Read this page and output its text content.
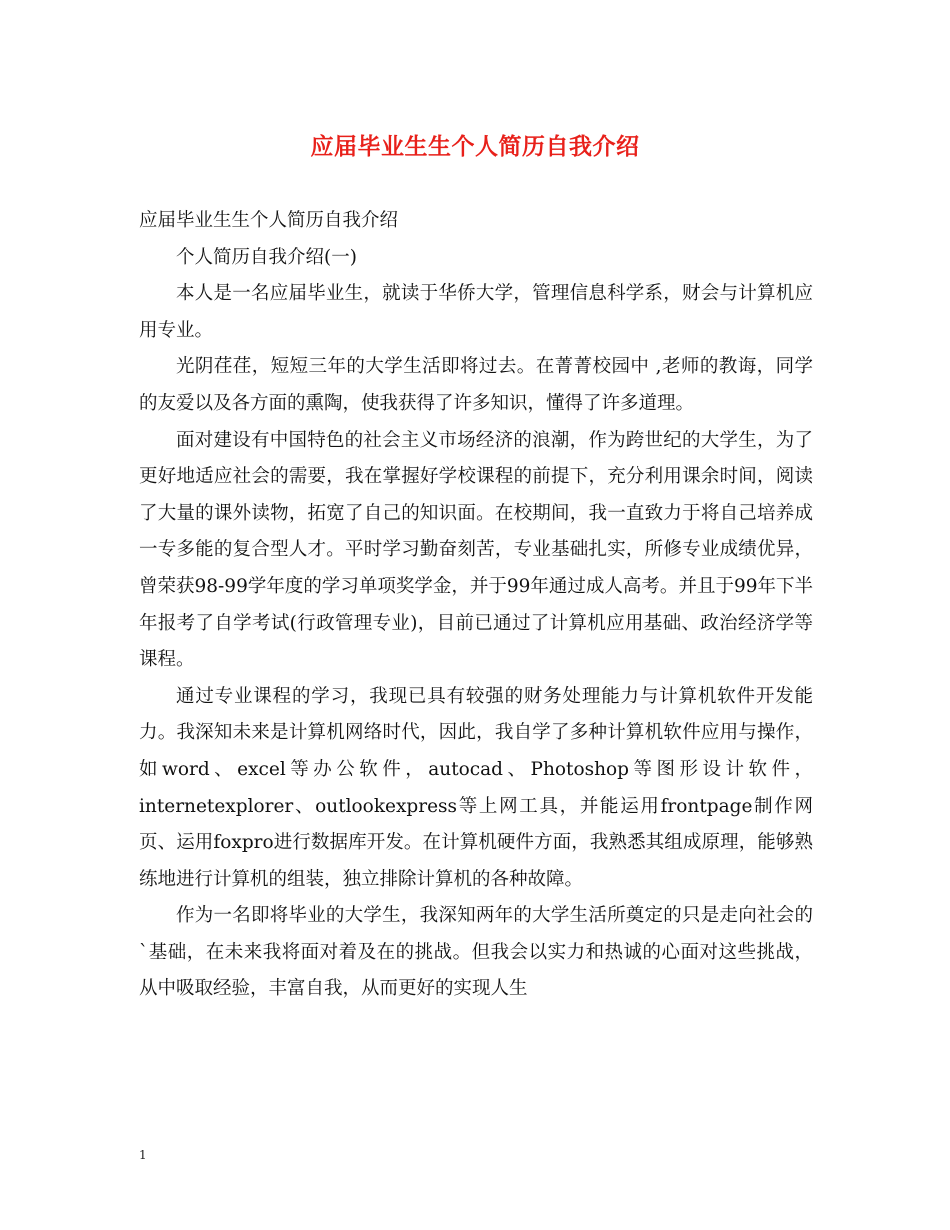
应届毕业生生个人简历自我介绍

应届毕业生生个人简历自我介绍

个人简历自我介绍(一)

本人是一名应届毕业生，就读于华侨大学，管理信息科学系，财会与计算机应用专业。

光阴荏荏，短短三年的大学生活即将过去。在菁菁校园中 ,老师的教诲，同学的友爱以及各方面的熏陶，使我获得了许多知识，懂得了许多道理。

面对建设有中国特色的社会主义市场经济的浪潮，作为跨世纪的大学生，为了更好地适应社会的需要，我在掌握好学校课程的前提下，充分利用课余时间，阅读了大量的课外读物，拓宽了自己的知识面。在校期间，我一直致力于将自己培养成一专多能的复合型人才。平时学习勤奋刻苦，专业基础扎实，所修专业成绩优异，曾荣获98-99学年度的学习单项奖学金，并于99年通过成人高考。并且于99年下半年报考了自学考试(行政管理专业)，目前已通过了计算机应用基础、政治经济学等课程。

通过专业课程的学习，我现已具有较强的财务处理能力与计算机软件开发能力。我深知未来是计算机网络时代，因此，我自学了多种计算机软件应用与操作，如word、excel等办公软件，autocad、Photoshop等图形设计软件，internetexplorer、outlookexpress等上网工具，并能运用frontpage制作网页、运用foxpro进行数据库开发。在计算机硬件方面，我熟悉其组成原理，能够熟练地进行计算机的组装，独立排除计算机的各种故障。

作为一名即将毕业的大学生，我深知两年的大学生活所奠定的只是走向社会的`基础，在未来我将面对着及在的挑战。但我会以实力和热诚的心面对这些挑战，从中吸取经验，丰富自我，从而更好的实现人生

1
